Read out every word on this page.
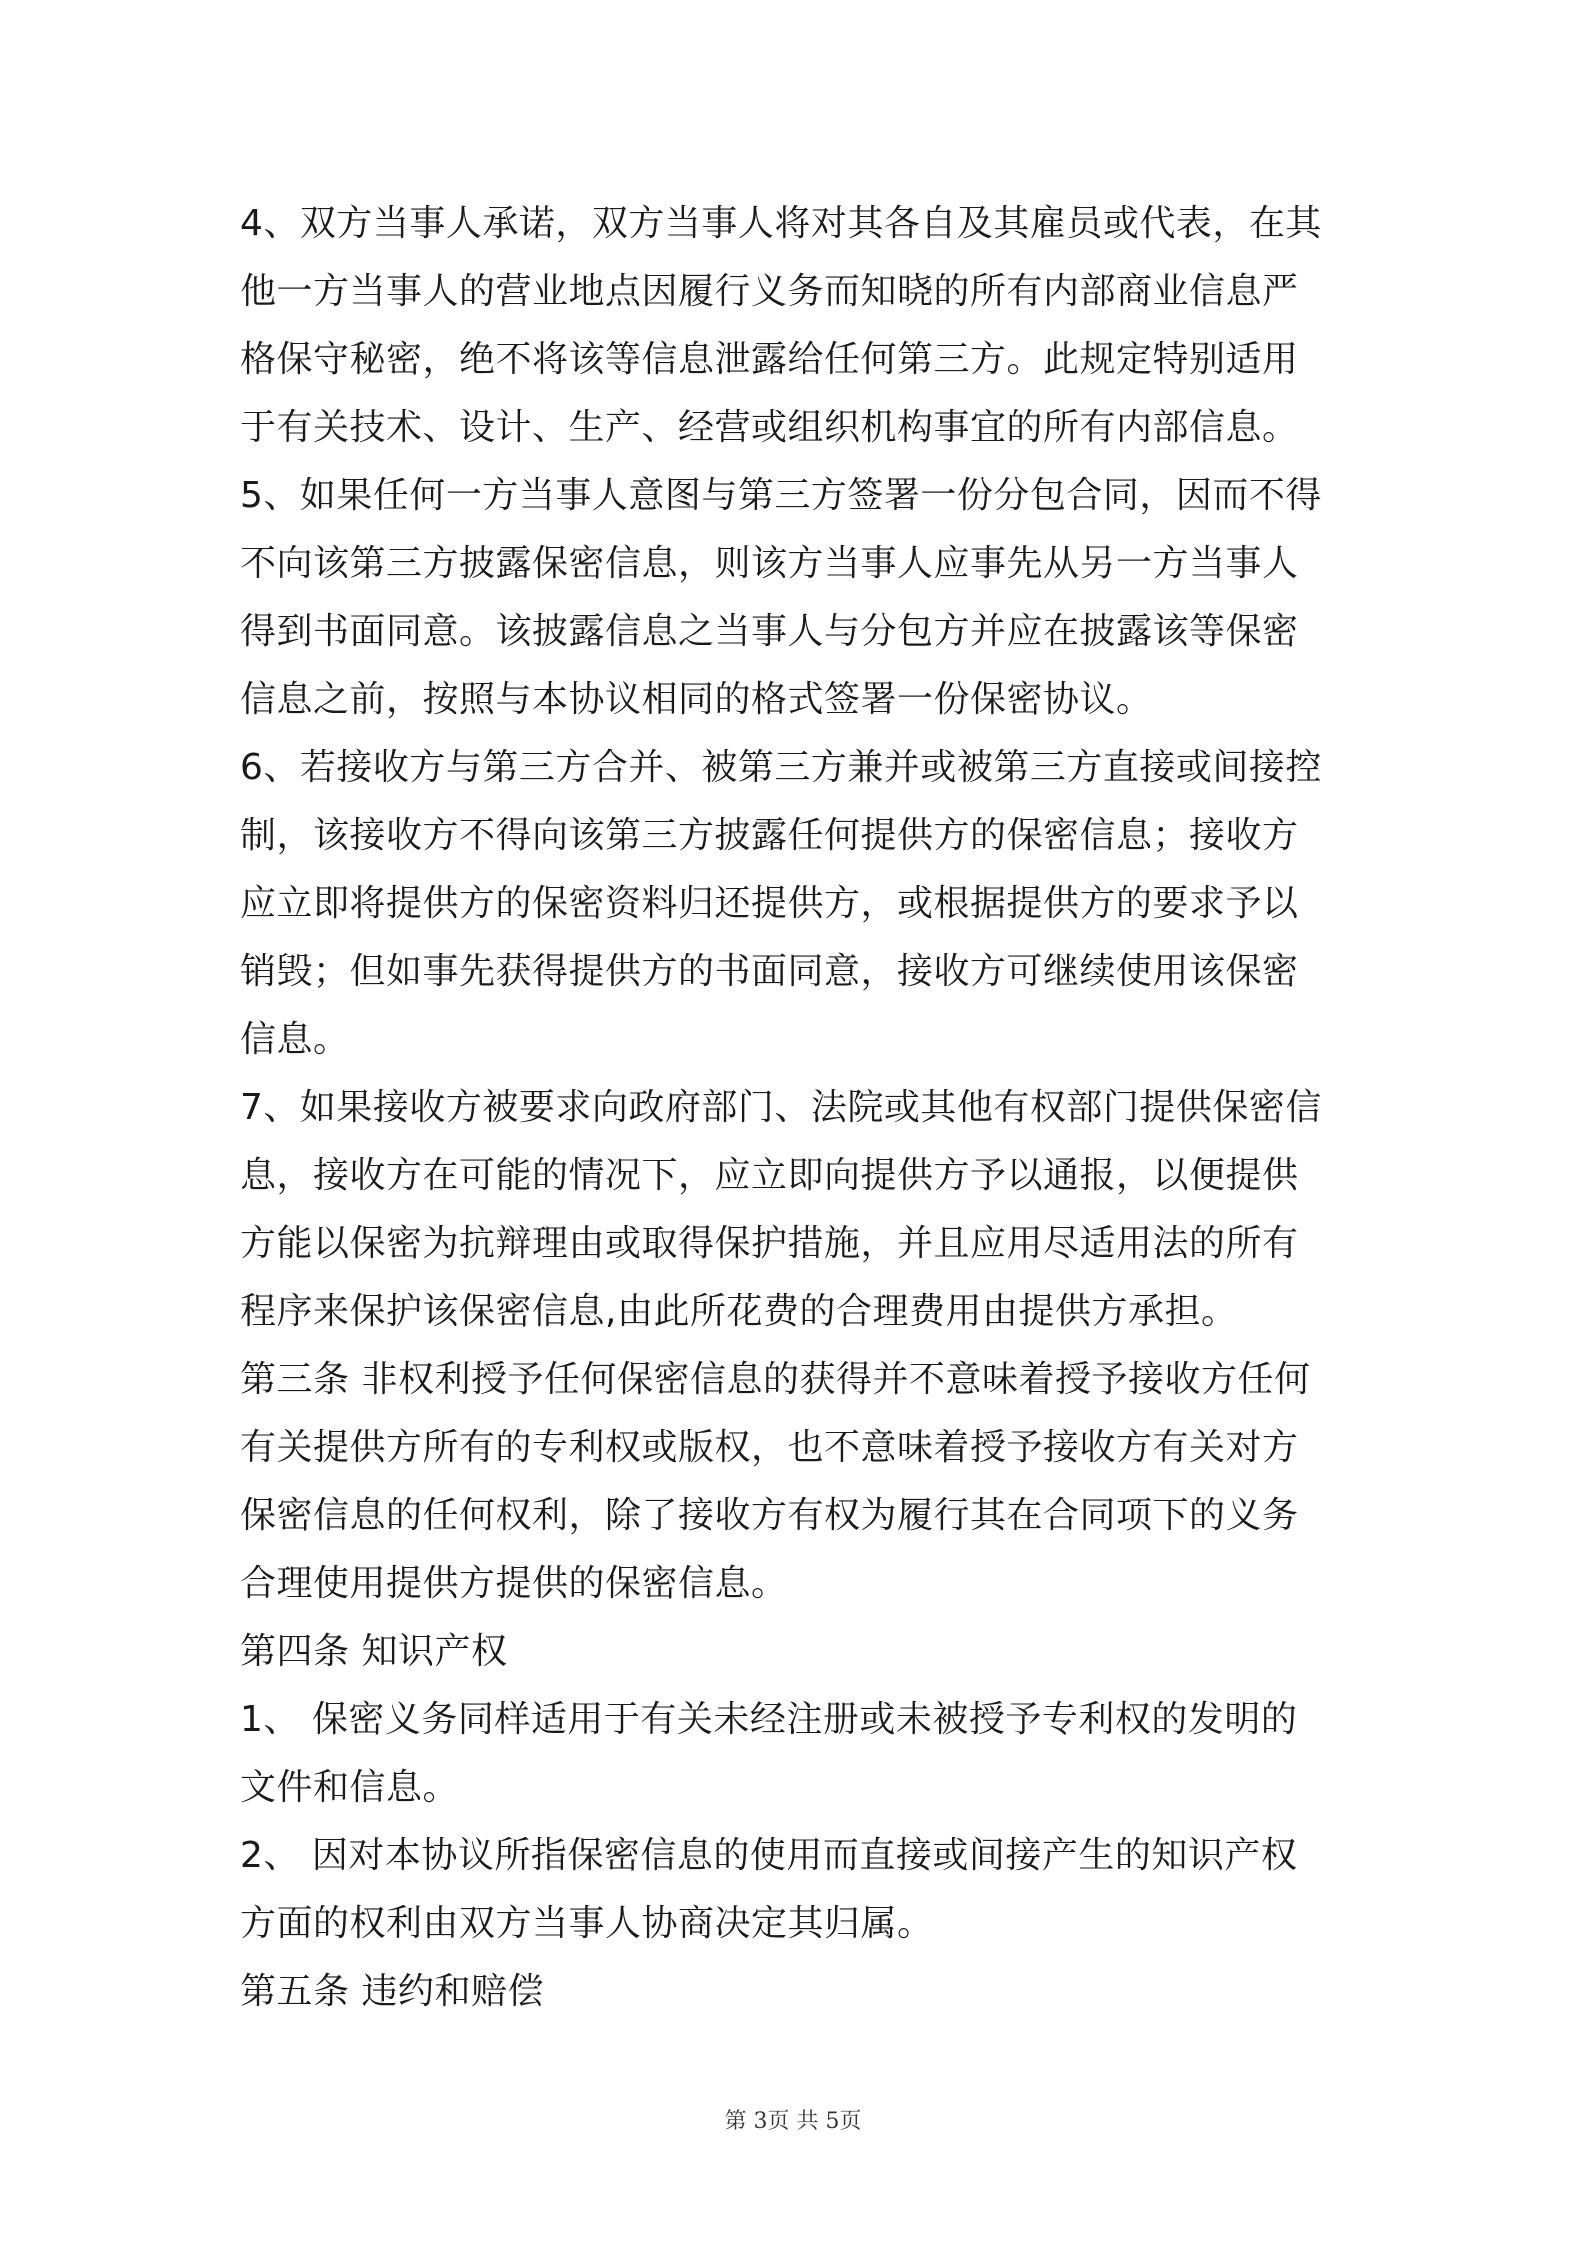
4、双方当事人承诺，双方当事人将对其各自及其雇员或代表，在其
他一方当事人的营业地点因履行义务而知晓的所有内部商业信息严
格保守秘密，绝不将该等信息泄露给任何第三方。此规定特别适用
于有关技术、设计、生产、经营或组织机构事宜的所有内部信息。
5、如果任何一方当事人意图与第三方签署一份分包合同，因而不得
不向该第三方披露保密信息，则该方当事人应事先从另一方当事人
得到书面同意。该披露信息之当事人与分包方并应在披露该等保密
信息之前，按照与本协议相同的格式签署一份保密协议。
6、若接收方与第三方合并、被第三方兼并或被第三方直接或间接控
制，该接收方不得向该第三方披露任何提供方的保密信息；接收方
应立即将提供方的保密资料归还提供方，或根据提供方的要求予以
销毁；但如事先获得提供方的书面同意，接收方可继续使用该保密
信息。
7、如果接收方被要求向政府部门、法院或其他有权部门提供保密信
息，接收方在可能的情况下，应立即向提供方予以通报，以便提供
方能以保密为抗辩理由或取得保护措施，并且应用尽适用法的所有
程序来保护该保密信息,由此所花费的合理费用由提供方承担。
第三条 非权利授予任何保密信息的获得并不意味着授予接收方任何
有关提供方所有的专利权或版权，也不意味着授予接收方有关对方
保密信息的任何权利，除了接收方有权为履行其在合同项下的义务
合理使用提供方提供的保密信息。
第四条 知识产权
1、 保密义务同样适用于有关未经注册或未被授予专利权的发明的
文件和信息。
2、 因对本协议所指保密信息的使用而直接或间接产生的知识产权
方面的权利由双方当事人协商决定其归属。
第五条 违约和赔偿
第 3页 共 5页
